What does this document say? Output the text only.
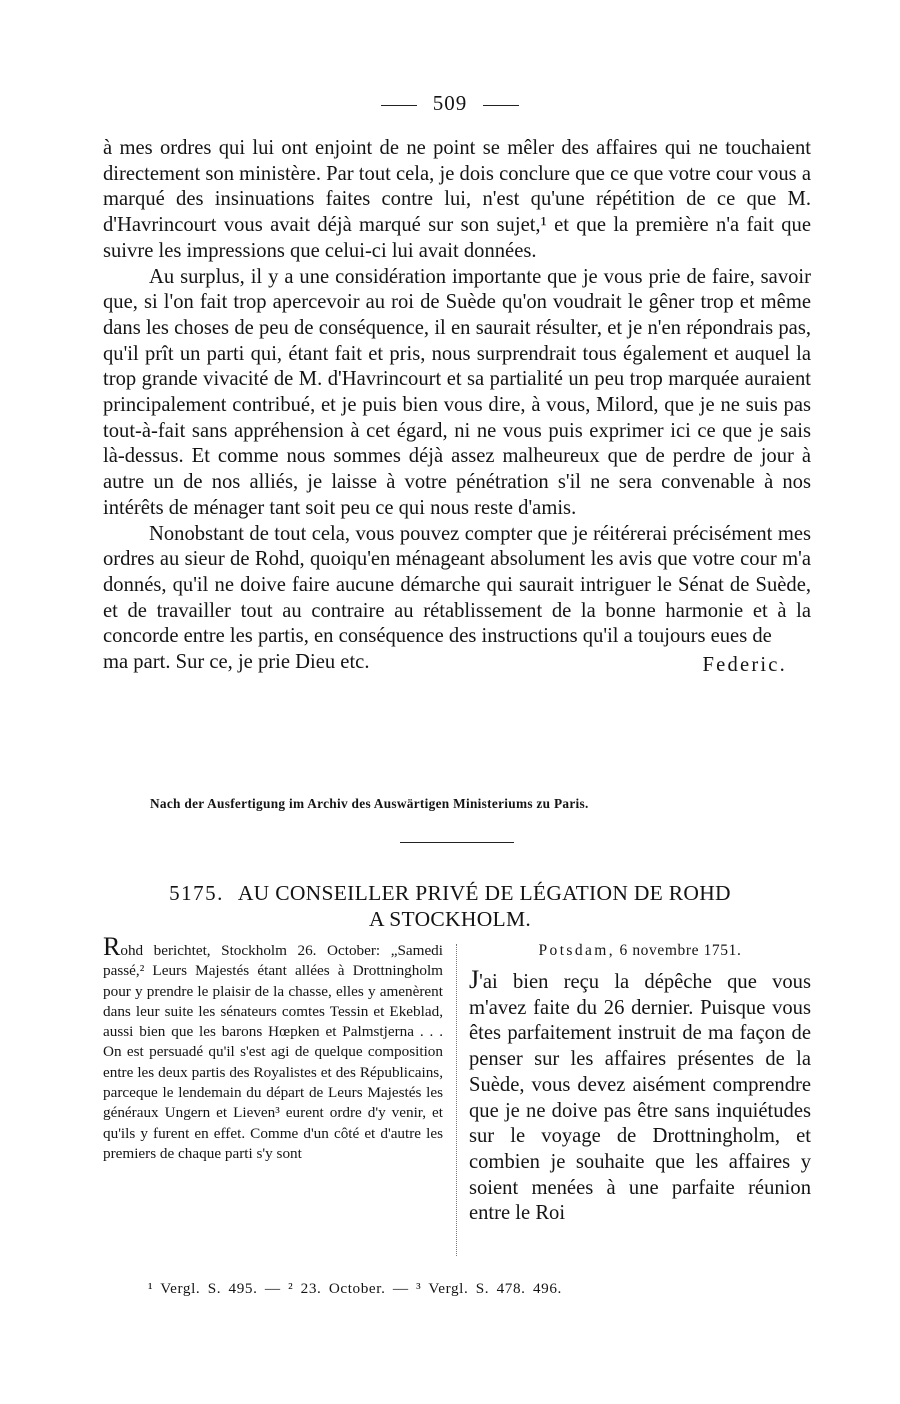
509

à mes ordres qui lui ont enjoint de ne point se mêler des affaires qui ne touchaient directement son ministère. Par tout cela, je dois conclure que ce que votre cour vous a marqué des insinuations faites contre lui, n'est qu'une répétition de ce que M. d'Havrincourt vous avait déjà marqué sur son sujet,¹ et que la première n'a fait que suivre les impressions que celui-ci lui avait données.

Au surplus, il y a une considération importante que je vous prie de faire, savoir que, si l'on fait trop apercevoir au roi de Suède qu'on voudrait le gêner trop et même dans les choses de peu de conséquence, il en saurait résulter, et je n'en répondrais pas, qu'il prît un parti qui, étant fait et pris, nous surprendrait tous également et auquel la trop grande vivacité de M. d'Havrincourt et sa partialité un peu trop marquée auraient principalement contribué, et je puis bien vous dire, à vous, Milord, que je ne suis pas tout-à-fait sans appréhension à cet égard, ni ne vous puis exprimer ici ce que je sais là-dessus. Et comme nous sommes déjà assez malheureux que de perdre de jour à autre un de nos alliés, je laisse à votre pénétration s'il ne sera convenable à nos intérêts de ménager tant soit peu ce qui nous reste d'amis.

Nonobstant de tout cela, vous pouvez compter que je réitérerai précisément mes ordres au sieur de Rohd, quoiqu'en ménageant absolument les avis que votre cour m'a donnés, qu'il ne doive faire aucune démarche qui saurait intriguer le Sénat de Suède, et de travailler tout au contraire au rétablissement de la bonne harmonie et à la concorde entre les partis, en conséquence des instructions qu'il a toujours eues de

ma part. Sur ce, je prie Dieu etc.	Federic.
Nach der Ausfertigung im Archiv des Auswärtigen Ministeriums zu Paris.
5175. AU CONSEILLER PRIVÉ DE LÉGATION DE ROHD
A STOCKHOLM.
Rohd berichtet, Stockholm 26. October: „Samedi passé,² Leurs Majestés étant allées à Drottningholm pour y prendre le plaisir de la chasse, elles y amenèrent dans leur suite les sénateurs comtes Tessin et Ekeblad, aussi bien que les barons Hœpken et Palmstjerna . . . On est persuadé qu'il s'est agi de quelque composition entre les deux partis des Royalistes et des Républicains, parceque le lendemain du départ de Leurs Majestés les généraux Ungern et Lieven³ eurent ordre d'y venir, et qu'ils y furent en effet. Comme d'un côté et d'autre les premiers de chaque parti s'y sont
Potsdam, 6 novembre 1751.
J'ai bien reçu la dépêche que vous m'avez faite du 26 dernier. Puisque vous êtes parfaitement instruit de ma façon de penser sur les affaires présentes de la Suède, vous devez aisément comprendre que je ne doive pas être sans inquiétudes sur le voyage de Drottningholm, et combien je souhaite que les affaires y soient menées à une parfaite réunion entre le Roi
¹ Vergl. S. 495. — ² 23. October. — ³ Vergl. S. 478. 496.
